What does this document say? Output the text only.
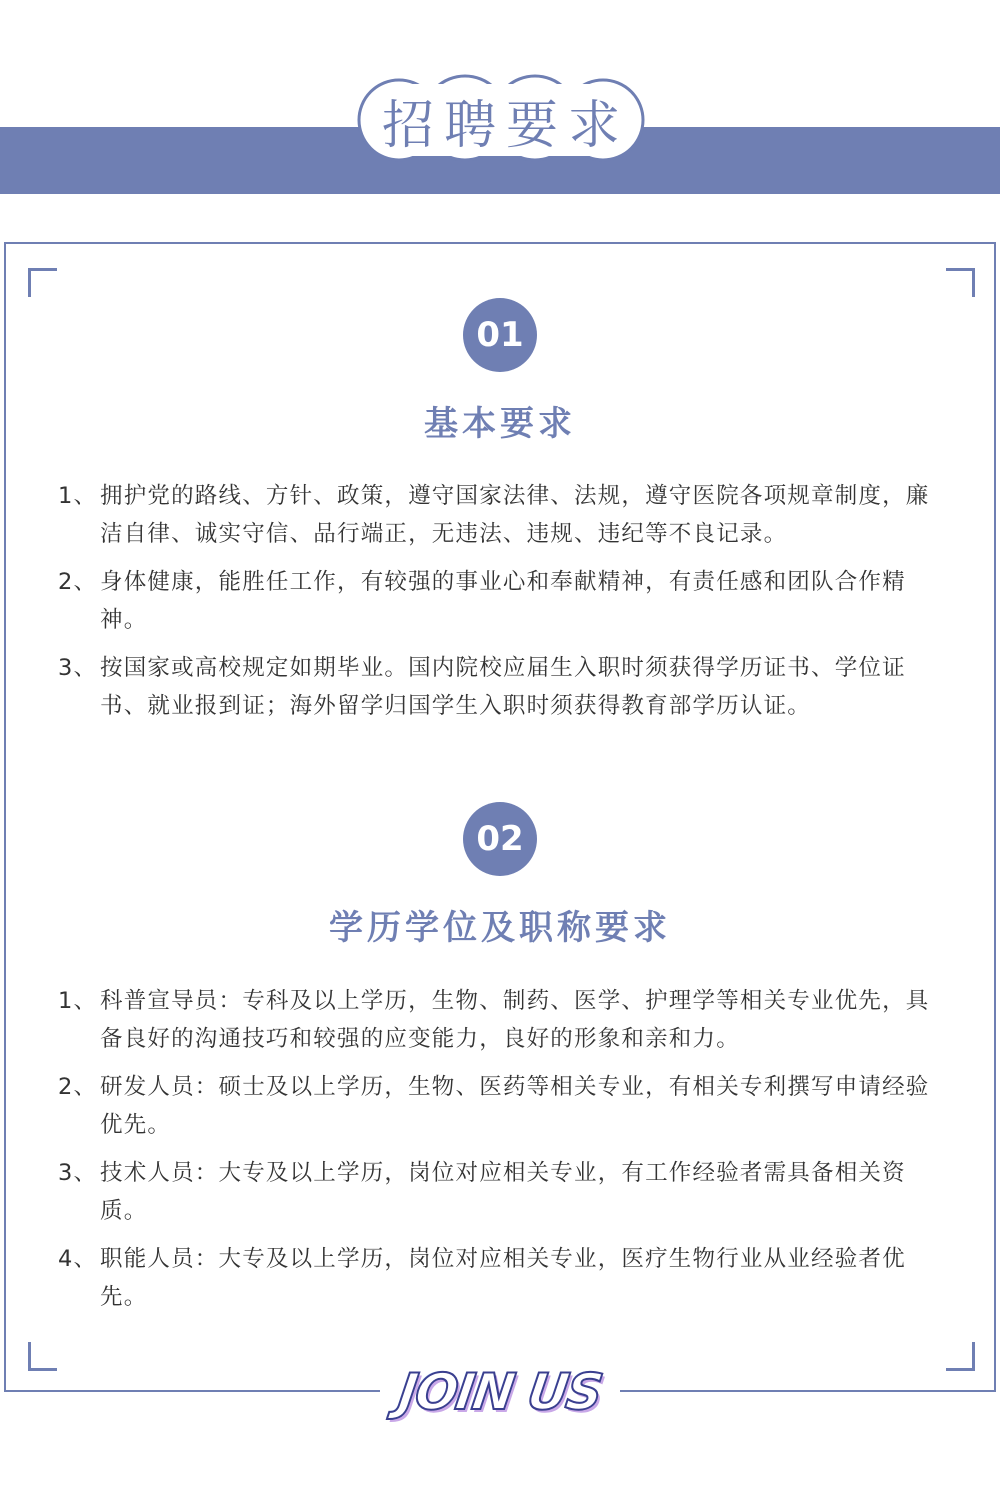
招聘要求
01
基本要求
1、 拥护党的路线、方针、政策，遵守国家法律、法规，遵守医院各项规章制度，廉洁自律、诚实守信、品行端正，无违法、违规、违纪等不良记录。
2、 身体健康，能胜任工作，有较强的事业心和奉献精神，有责任感和团队合作精神。
3、 按国家或高校规定如期毕业。国内院校应届生入职时须获得学历证书、学位证书、就业报到证；海外留学归国学生入职时须获得教育部学历认证。
02
学历学位及职称要求
1、 科普宣导员：专科及以上学历，生物、制药、医学、护理学等相关专业优先，具备良好的沟通技巧和较强的应变能力，良好的形象和亲和力。
2、 研发人员：硕士及以上学历，生物、医药等相关专业，有相关专利撰写申请经验优先。
3、 技术人员：大专及以上学历，岗位对应相关专业，有工作经验者需具备相关资质。
4、 职能人员：大专及以上学历，岗位对应相关专业，医疗生物行业从业经验者优先。
JOIN US
